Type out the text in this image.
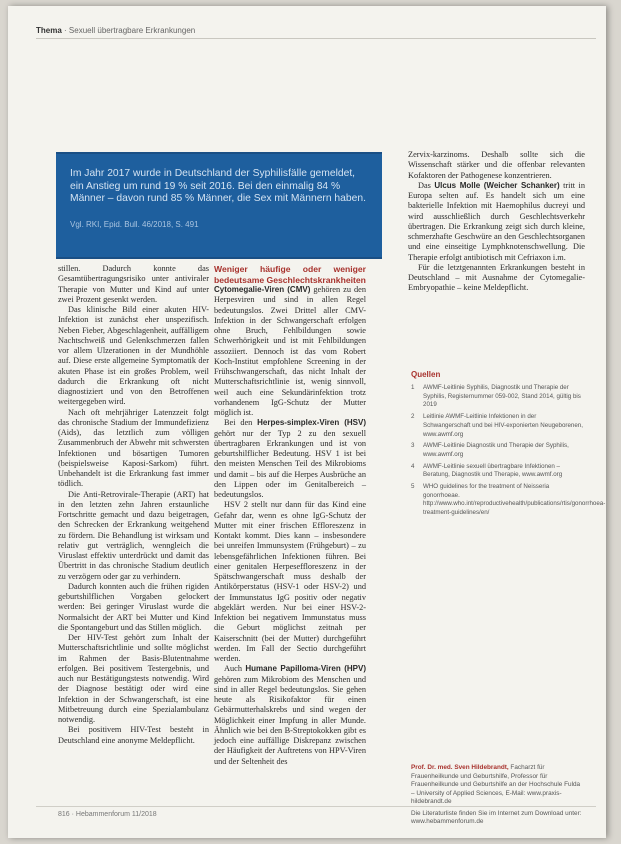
Thema · Sexuell übertragbare Erkrankungen
Im Jahr 2017 wurde in Deutschland der Syphilisfälle gemeldet, ein Anstieg um rund 19 % seit 2016. Bei den einmalig 84 % Männer – davon rund 85 % Männer, die Sex mit Männern haben.
Vgl. RKI, Epid. Bull. 46/2018, S. 491

stillen. Dadurch konnte das Gesamtübertragungsrisiko unter antiviraler Therapie von Mutter und Kind auf unter zwei Prozent gesenkt werden.

Das klinische Bild einer akuten HIV-Infektion ist zunächst eher unspezifisch. Neben Fieber, Abgeschlagenheit, auffälligem Nachtschweiß und Gelenkschmerzen fallen vor allem Ulzerationen in der Mundhöhle auf. Diese erste allgemeine Symptomatik der akuten Phase ist ein großes Problem, weil dadurch die Erkrankung oft nicht diagnostiziert und von den Betroffenen weitergegeben wird.

Nach oft mehrjähriger Latenzzeit folgt das chronische Stadium der Immundefizienz (Aids), das letztlich zum völligen Zusammenbruch der Abwehr mit schwersten Infektionen und bösartigen Tumoren (beispielsweise Kaposi-Sarkom) führt. Unbehandelt ist die Erkrankung fast immer tödlich.

Die Anti-Retrovirale-Therapie (ART) hat in den letzten zehn Jahren erstaunliche Fortschritte gemacht und dazu beigetragen, den Schrecken der Erkrankung weitgehend zu fördern. Die Behandlung ist wirksam und relativ gut verträglich, wenngleich die Viruslast effektiv unterdrückt und damit das Übertritt in das chronische Stadium deutlich zu verzögern oder gar zu verhindern.

Dadurch konnten auch die frühen rigiden geburtshilflichen Vorgaben gelockert werden: Bei geringer Viruslast wurde die Normalsicht der ART bei Mutter und Kind die Spontangeburt und das Stillen möglich.

Der HIV-Test gehört zum Inhalt der Mutterschaftsrichtlinie und sollte möglichst im Rahmen der Basis-Blutentnahme erfolgen. Bei positivem Testergebnis, und auch nur Bestätigungstests notwendig. Wird der Diagnose bestätigt oder wird eine Infektion in der Schwangerschaft, ist eine Mitbetreuung durch eine Spezialambulanz notwendig.

Bei positivem HIV-Test besteht in Deutschland eine anonyme Meldepflicht.

Weniger häufige oder weniger bedeutsame Geschlechtskrankheiten

Cytomegalie-Viren (CMV) gehören zu den Herpesviren und sind in allen Regel bedeutungslos. Zwei Drittel aller CMV-Infektion in der Schwangerschaft erfolgen ohne Bruch, Fehlbildungen sowie Schwerhörigkeit und ist mit Fehlbildungen assoziiert. Dennoch ist das vom Robert Koch-Institut empfohlene Screening in der Frühschwangerschaft, das nicht Inhalt der Mutterschaftsrichtlinie ist, wenig sinnvoll, weil auch eine Sekundärinfektion trotz vorhandenem IgG-Schutz der Mutter möglich ist.

Bei den Herpes-simplex-Viren (HSV) gehört nur der Typ 2 zu den sexuell übertragbaren Erkrankungen und ist von geburtshilflicher Bedeutung. HSV 1 ist bei den meisten Menschen Teil des Mikrobioms und damit – bis auf die Herpes Ausbrüche an den Lippen oder im Genitalbereich – bedeutungslos.

HSV 2 stellt nur dann für das Kind eine Gefahr dar, wenn es ohne IgG-Schutz der Mutter mit einer frischen Effloreszenz in Kontakt kommt. Dies kann – insbesondere bei unreifen Immunsystem (Frühgeburt) – zu lebensgefährlichen Infektionen führen. Bei einer genitalen Herpeseffloreszenz in der Spätschwangerschaft muss deshalb der Antikörperstatus (HSV-1 oder HSV-2) und der Immunstatus IgG positiv oder negativ abgeklärt werden. Nur bei einer HSV-2-Infektion bei negativem Immunstatus muss die Geburt möglichst zeitnah per Kaiserschnitt (bei der Mutter) durchgeführt werden. Im Fall der Sectio durchgeführt werden.

Auch Humane Papilloma-Viren (HPV) gehören zum Mikrobiom des Menschen und sind in aller Regel bedeutungslos. Sie gehen heute als Risikofaktor für einen Gebärmutterhalskrebs und sind wegen der Möglichkeit einer Impfung in aller Munde. Ähnlich wie bei den B-Streptokokken gibt es jedoch eine auffällige Diskrepanz zwischen der Häufigkeit der Auftretens von HPV-Viren und der Seltenheit des

Zervix-karzinoms. Deshalb sollte sich die Wissenschaft stärker und die offenbar relevanten Kofaktoren der Pathogenese konzentrieren.

Das Ulcus Molle (Weicher Schanker) tritt in Europa selten auf. Es handelt sich um eine bakterielle Infektion mit Haemophilus ducreyi und wird ausschließlich durch Geschlechtsverkehr übertragen. Die Erkrankung zeigt sich durch kleine, schmerzhafte Geschwüre an den Geschlechtsorganen und eine einseitige Lymphknotenschwellung. Die Therapie erfolgt antibiotisch mit Cefriaxon i.m.

Für die letztgenannten Erkrankungen besteht in Deutschland – mit Ausnahme der Cytomegalie-Embryopathie – keine Meldepflicht.

Quellen
1 AWMF-Leitlinie Syphilis, Diagnostik und Therapie der Syphilis, Registernummer 059-002, Stand 2014, gültig bis 2019
2 Leitlinie AWMF-Leitlinie Infektionen in der Schwangerschaft und bei HIV-exponierten Neugeborenen, www.awmf.org
3 AWMF-Leitlinie Diagnostik und Therapie der Syphilis, www.awmf.org
4 AWMF-Leitlinie sexuell übertragbare Infektionen – Beratung, Diagnostik und Therapie, www.awmf.org
5 WHO guidelines for the treatment of Neisseria gonorrhoeae. http://www.who.int/reproductivehealth/publications/rtis/gonorrhoea-treatment-guidelines/en/
Prof. Dr. med. Sven Hildebrandt, Facharzt für Frauenheilkunde und Geburtshilfe, Professor für Frauenheilkunde und Geburtshilfe an der Hochschule Fulda – University of Applied Sciences, E-Mail: www.praxis-hildebrandt.de
Die Literaturliste finden Sie im Internet zum Download unter: www.hebammenforum.de
816 · Hebammenforum 11/2018
